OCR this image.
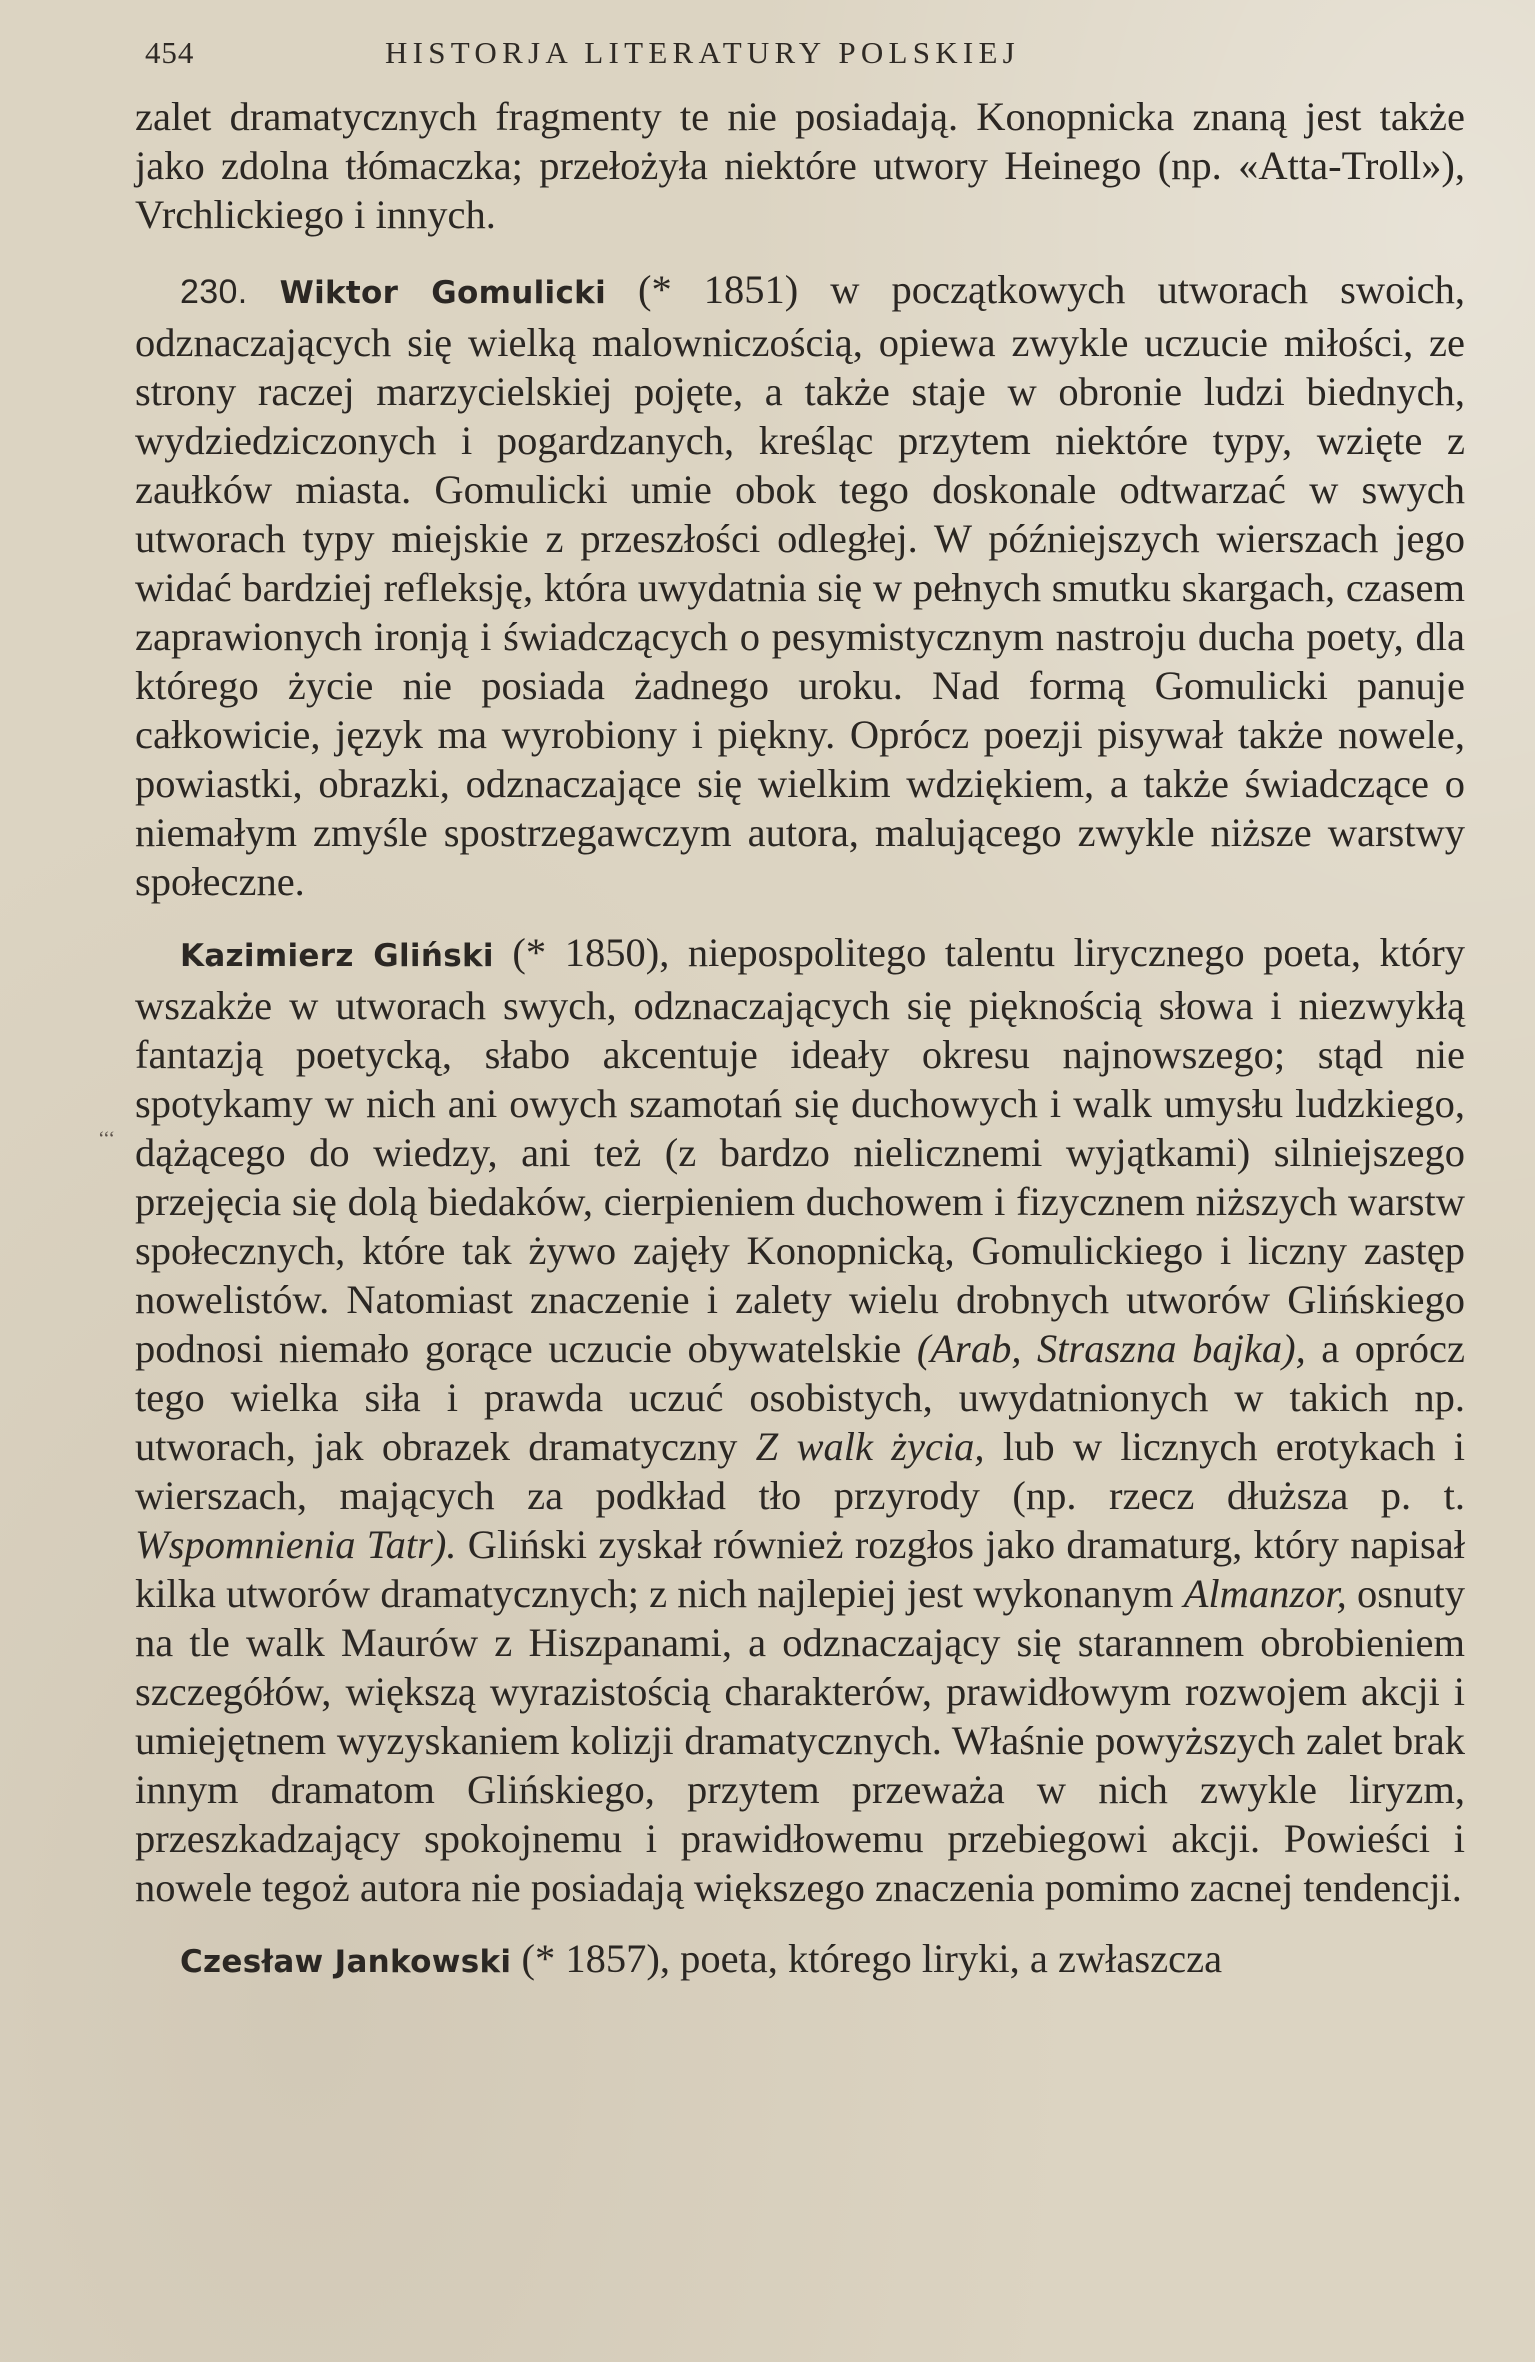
454	HISTORJA LITERATURY POLSKIEJ

zalet dramatycznych fragmenty te nie posiadają. Konopnicka znaną jest także jako zdolna tłómaczka; przełożyła niektóre utwory Heinego (np. «Atta-Troll»), Vrchlickiego i innych.

230. Wiktor Gomulicki (* 1851) w początkowych utworach swoich, odznaczających się wielką malowniczością, opiewa zwykle uczucie miłości, ze strony raczej marzycielskiej pojęte, a także staje w obronie ludzi biednych, wydziedziczonych i pogardzanych, kreśląc przytem niektóre typy, wzięte z zaułków miasta. Gomulicki umie obok tego doskonale odtwarzać w swych utworach typy miejskie z przeszłości odległej. W późniejszych wierszach jego widać bardziej refleksję, która uwydatnia się w pełnych smutku skargach, czasem zaprawionych ironją i świadczących o pesymistycznym nastroju ducha poety, dla którego życie nie posiada żadnego uroku. Nad formą Gomulicki panuje całkowicie, język ma wyrobiony i piękny. Oprócz poezji pisywał także nowele, powiastki, obrazki, odznaczające się wielkim wdziękiem, a także świadczące o niemałym zmyśle spostrzegawczym autora, malującego zwykle niższe warstwy społeczne.

Kazimierz Gliński (* 1850), niepospolitego talentu lirycznego poeta, który wszakże w utworach swych, odznaczających się pięknością słowa i niezwykłą fantazją poetycką, słabo akcentuje ideały okresu najnowszego; stąd nie spotykamy w nich ani owych szamotań się duchowych i walk umysłu ludzkiego, dążącego do wiedzy, ani też (z bardzo nielicznemi wyjątkami) silniejszego przejęcia się dolą biedaków, cierpieniem duchowem i fizycznem niższych warstw społecznych, które tak żywo zajęły Konopnicką, Gomulickiego i liczny zastęp nowelistów. Natomiast znaczenie i zalety wielu drobnych utworów Glińskiego podnosi niemało gorące uczucie obywatelskie (Arab, Straszna bajka), a oprócz tego wielka siła i prawda uczuć osobistych, uwydatnionych w takich np. utworach, jak obrazek dramatyczny Z walk życia, lub w licznych erotykach i wierszach, mających za podkład tło przyrody (np. rzecz dłuższa p. t. Wspomnienia Tatr). Gliński zyskał również rozgłos jako dramaturg, który napisał kilka utworów dramatycznych; z nich najlepiej jest wykonanym Almanzor, osnuty na tle walk Maurów z Hiszpanami, a odznaczający się starannem obrobieniem szczegółów, większą wyrazistością charakterów, prawidłowym rozwojem akcji i umiejętnem wyzyskaniem kolizji dramatycznych. Właśnie powyższych zalet brak innym dramatom Glińskiego, przytem przeważa w nich zwykle liryzm, przeszkadzający spokojnemu i prawidłowemu przebiegowi akcji. Powieści i nowele tegoż autora nie posiadają większego znaczenia pomimo zacnej tendencji.

Czesław Jankowski (* 1857), poeta, którego liryki, a zwłaszcza

‘‘‘
